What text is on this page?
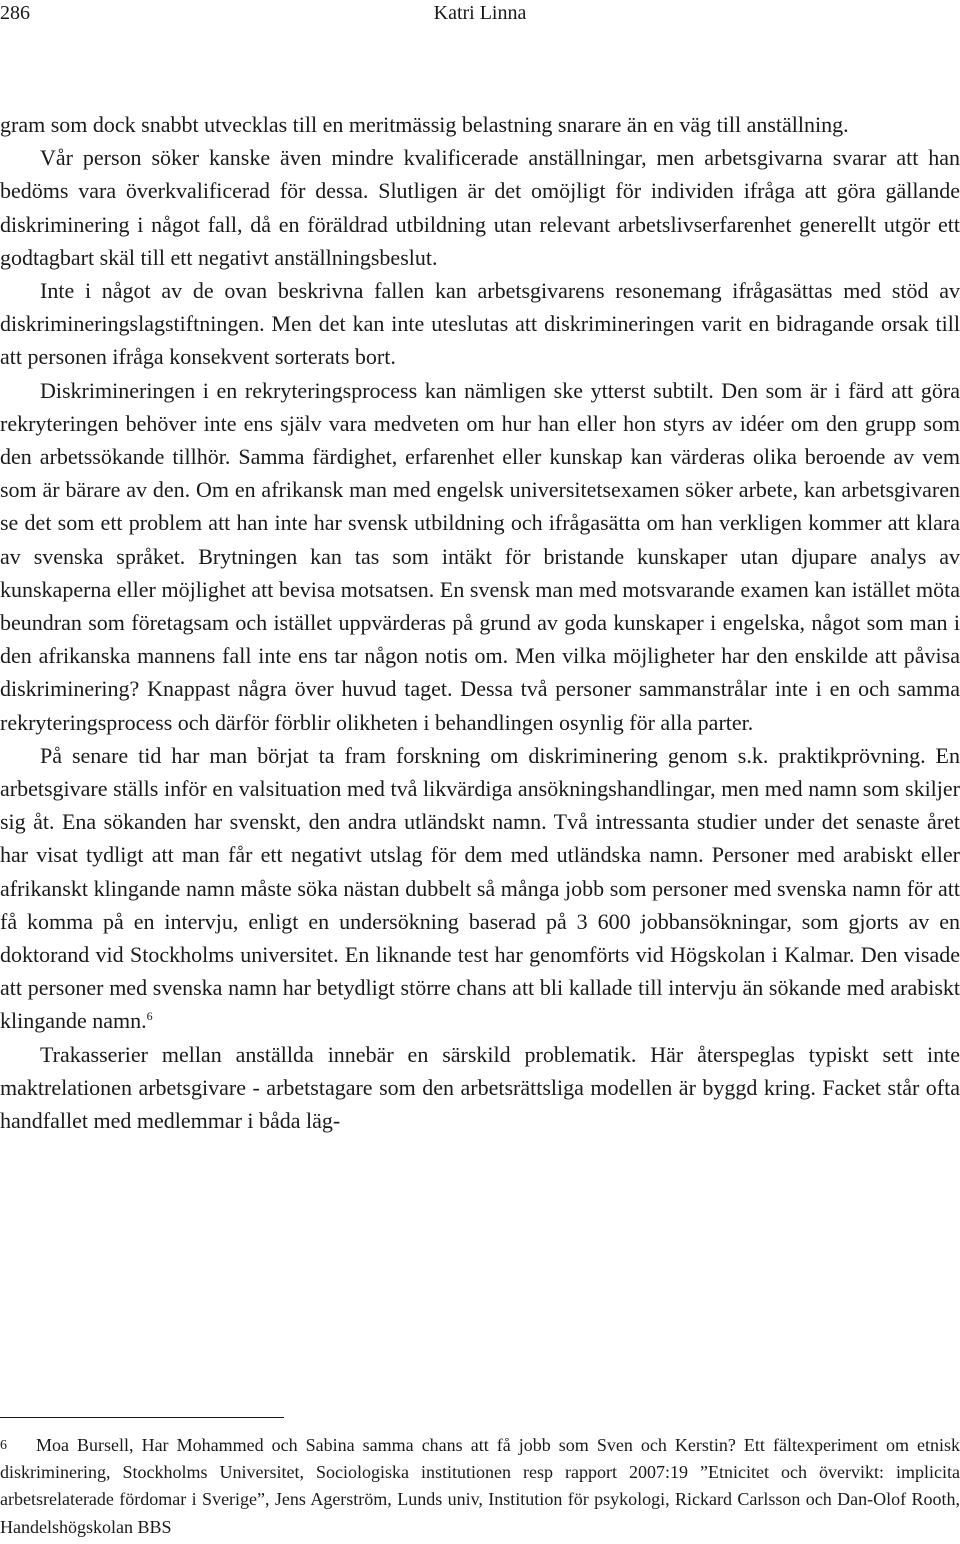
286	Katri Linna

gram som dock snabbt utvecklas till en meritmässig belastning snarare än en väg till anställning.

Vår person söker kanske även mindre kvalificerade anställningar, men arbetsgivarna svarar att han bedöms vara överkvalificerad för dessa. Slutligen är det omöjligt för individen ifråga att göra gällande diskriminering i något fall, då en föräldrad utbildning utan relevant arbetslivserfarenhet generellt utgör ett godtagbart skäl till ett negativt anställningsbeslut.

Inte i något av de ovan beskrivna fallen kan arbetsgivarens resonemang ifrågasättas med stöd av diskrimineringslagstiftningen. Men det kan inte uteslutas att diskrimineringen varit en bidragande orsak till att personen ifråga konsekvent sorterats bort.

Diskrimineringen i en rekryteringsprocess kan nämligen ske ytterst subtilt. Den som är i färd att göra rekryteringen behöver inte ens själv vara medveten om hur han eller hon styrs av idéer om den grupp som den arbetssökande tillhör. Samma färdighet, erfarenhet eller kunskap kan värderas olika beroende av vem som är bärare av den. Om en afrikansk man med engelsk universitetsexamen söker arbete, kan arbetsgivaren se det som ett problem att han inte har svensk utbildning och ifrågasätta om han verkligen kommer att klara av svenska språket. Brytningen kan tas som intäkt för bristande kunskaper utan djupare analys av kunskaperna eller möjlighet att bevisa motsatsen. En svensk man med motsvarande examen kan istället möta beundran som företagsam och istället uppvärderas på grund av goda kunskaper i engelska, något som man i den afrikanska mannens fall inte ens tar någon notis om. Men vilka möjligheter har den enskilde att påvisa diskriminering? Knappast några över huvud taget. Dessa två personer sammanstrålar inte i en och samma rekryteringsprocess och därför förblir olikheten i behandlingen osynlig för alla parter.

På senare tid har man börjat ta fram forskning om diskriminering genom s.k. praktikprövning. En arbetsgivare ställs inför en valsituation med två likvärdiga ansökningshandlingar, men med namn som skiljer sig åt. Ena sökanden har svenskt, den andra utländskt namn. Två intressanta studier under det senaste året har visat tydligt att man får ett negativt utslag för dem med utländska namn. Personer med arabiskt eller afrikanskt klingande namn måste söka nästan dubbelt så många jobb som personer med svenska namn för att få komma på en intervju, enligt en undersökning baserad på 3 600 jobbansökningar, som gjorts av en doktorand vid Stockholms universitet. En liknande test har genomförts vid Högskolan i Kalmar. Den visade att personer med svenska namn har betydligt större chans att bli kallade till intervju än sökande med arabiskt klingande namn.$^6$

Trakasserier mellan anställda innebär en särskild problematik. Här återspeglas typiskt sett inte maktrelationen arbetsgivare - arbetstagare som den arbetsrättsliga modellen är byggd kring. Facket står ofta handfallet med medlemmar i båda läg-

6 Moa Bursell, Har Mohammed och Sabina samma chans att få jobb som Sven och Kerstin? Ett fältexperiment om etnisk diskriminering, Stockholms Universitet, Sociologiska institutionen resp rapport 2007:19 ”Etnicitet och övervikt: implicita arbetsrelaterade fördomar i Sverige”, Jens Agerström, Lunds univ, Institution för psykologi, Rickard Carlsson och Dan-Olof Rooth, Handelshögskolan BBS
